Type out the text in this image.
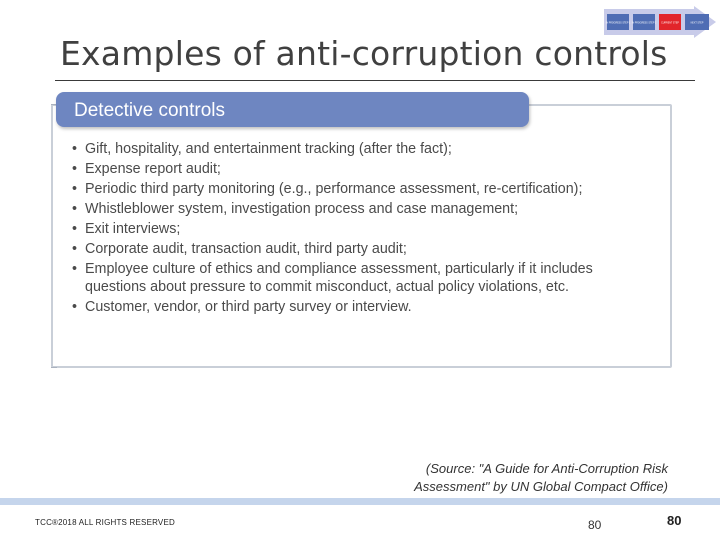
IN PROGRESS STEP 1 IN PROGRESS STEP 2	CURRENT STEP	NEXT STEP
Examples of anti-corruption controls
Detective controls
• Gift, hospitality, and entertainment tracking (after the fact);
• Expense report audit;
• Periodic third party monitoring (e.g., performance assessment, re-certification);
• Whistleblower system, investigation process and case management;
• Exit interviews;
• Corporate audit, transaction audit, third party audit;
• Employee culture of ethics and compliance assessment, particularly if it includes questions about pressure to commit misconduct, actual policy violations, etc.
• Customer, vendor, or third party survey or interview.
(Source: "A Guide for Anti-Corruption Risk
Assessment" by UN Global Compact Office)
TCC®2018 ALL RIGHTS RESERVED	80	80
